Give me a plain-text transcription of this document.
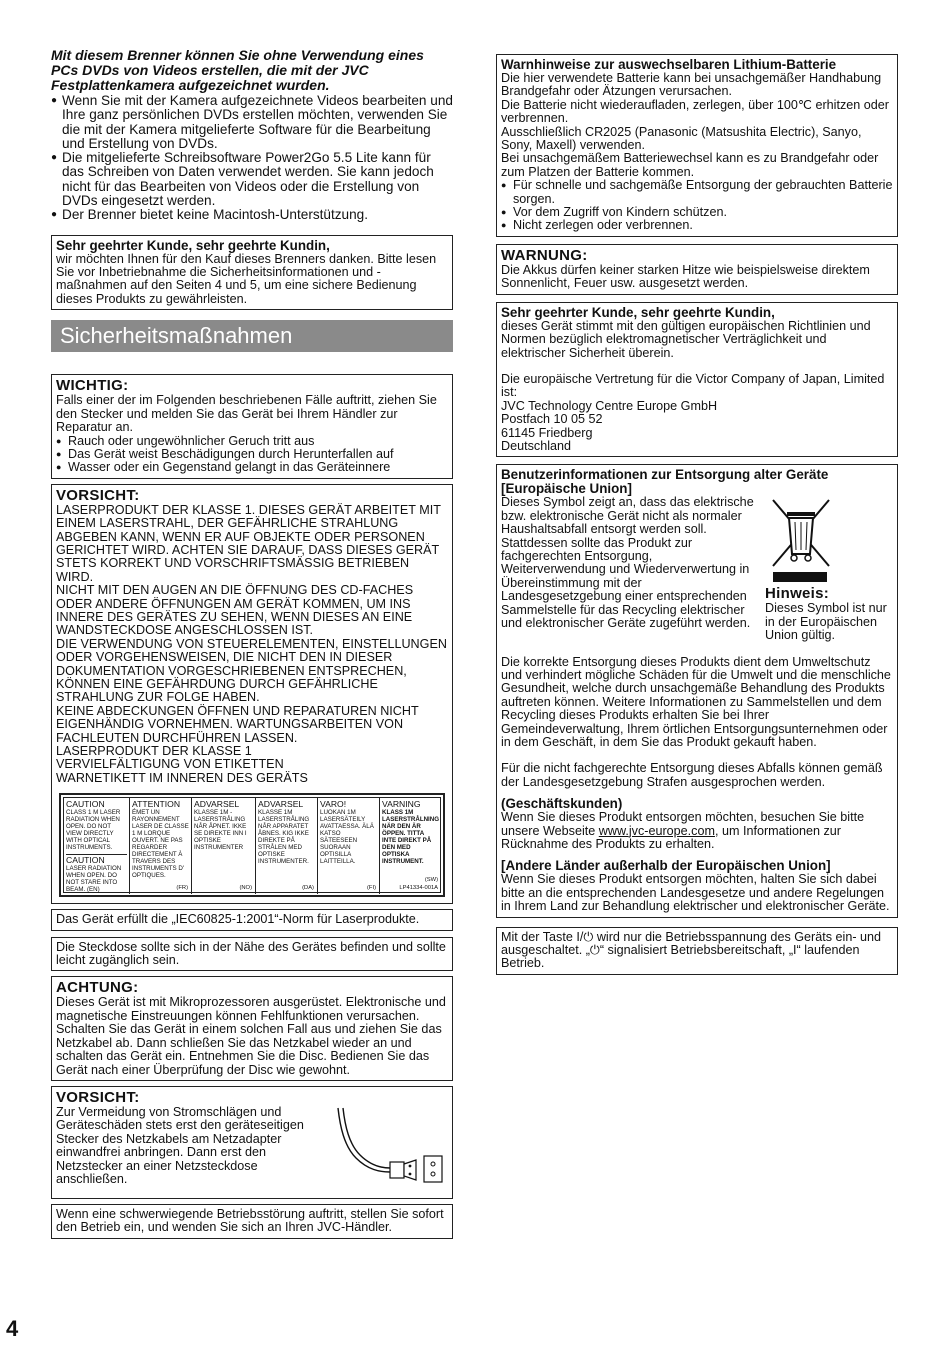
Mit diesem Brenner können Sie ohne Verwendung eines PCs DVDs von Videos erstellen, die mit der JVC Festplattenkamera aufgezeichnet wurden.
● Wenn Sie mit der Kamera aufgezeichnete Videos bearbeiten und Ihre ganz persönlichen DVDs erstellen möchten, verwenden Sie die mit der Kamera mitgelieferte Software für die Bearbeitung und Erstellung von DVDs.
● Die mitgelieferte Schreibsoftware Power2Go 5.5 Lite kann für das Schreiben von Daten verwendet werden. Sie kann jedoch nicht für das Bearbeiten von Videos oder die Erstellung von DVDs eingesetzt werden.
● Der Brenner bietet keine Macintosh-Unterstützung.
Sehr geehrter Kunde, sehr geehrte Kundin,
wir möchten Ihnen für den Kauf dieses Brenners danken. Bitte lesen Sie vor Inbetriebnahme die Sicherheitsinformationen und -maßnahmen auf den Seiten 4 und 5, um eine sichere Bedienung dieses Produkts zu gewährleisten.
Sicherheitsmaßnahmen
WICHTIG:
Falls einer der im Folgenden beschriebenen Fälle auftritt, ziehen Sie den Stecker und melden Sie das Gerät bei Ihrem Händler zur Reparatur an.
● Rauch oder ungewöhnlicher Geruch tritt aus
● Das Gerät weist Beschädigungen durch Herunterfallen auf
● Wasser oder ein Gegenstand gelangt in das Geräteinnere
VORSICHT:
LASERPRODUKT DER KLASSE 1. DIESES GERÄT ARBEITET MIT EINEM LASERSTRAHL, DER GEFÄHRLICHE STRAHLUNG ABGEBEN KANN, WENN ER AUF OBJEKTE ODER PERSONEN GERICHTET WIRD. ACHTEN SIE DARAUF, DASS DIESES GERÄT STETS KORREKT UND VORSCHRIFTSMÄSSIG BETRIEBEN WIRD.
NICHT MIT DEN AUGEN AN DIE ÖFFNUNG DES CD-FACHES ODER ANDERE ÖFFNUNGEN AM GERÄT KOMMEN, UM INS INNERE DES GERÄTES ZU SEHEN, WENN DIESES AN EINE WANDSTECKDOSE ANGESCHLOSSEN IST.
DIE VERWENDUNG VON STEUERELEMENTEN, EINSTELLUNGEN ODER VORGEHENSWEISEN, DIE NICHT DEN IN DIESER DOKUMENTATION VORGESCHRIEBENEN ENTSPRECHEN, KÖNNEN EINE GEFÄHRDUNG DURCH GEFÄHRLICHE STRAHLUNG ZUR FOLGE HABEN.
KEINE ABDECKUNGEN ÖFFNEN UND REPARATUREN NICHT EIGENHÄNDIG VORNEHMEN. WARTUNGSARBEITEN VON FACHLEUTEN DURCHFÜHREN LASSEN.
LASERPRODUKT DER KLASSE 1
VERVIELFÄLTIGUNG VON ETIKETTEN
WARNETIKETT IM INNEREN DES GERÄTS
CAUTION
CLASS 1 M LASER RADIATION WHEN OPEN. DO NOT VIEW DIRECTLY WITH OPTICAL INSTRUMENTS.
CAUTION
LASER RADIATION WHEN OPEN. DO NOT STARE INTO BEAM. (EN)
ATTENTION
ÉMET UN RAYONNEMENT LASER DE CLASSE 1 M LORQUE OUVERT. NE PAS REGARDER DIRECTEMENT À TRAVERS DES INSTRUMENTS D' OPTIQUES.
(FR)
ADVARSEL
KLASSE 1M - LASERSTRÅLING NÅR ÅPNET. IKKE SE DIREKTE INN I OPTISKE INSTRUMENTER
(NO)
ADVARSEL
KLASSE 1M LASERSTRÅLING NÅR APPARATET ÅBNES. KIG IKKE DIREKTE PÅ STRÅLEN MED OPTISKE INSTRUMENTER.
(DA)
VARO!
LUOKAN 1M LASERSÄTEILY AVATTAESSA. ÄLÄ KATSO SÄTEESEEN SUORAAN OPTISILLA LAITTEILLA.
(FI)
VARNING
KLASS 1M LASERSTRÅLNING NÄR DEN ÄR ÖPPEN. TITTA INTE DIREKT PÅ DEN MED OPTISKA INSTRUMENT.
(SW)
LP41334-001A
Das Gerät erfüllt die „IEC60825-1:2001“-Norm für Laserprodukte.
Die Steckdose sollte sich in der Nähe des Gerätes befinden und sollte leicht zugänglich sein.
ACHTUNG:
Dieses Gerät ist mit Mikroprozessoren ausgerüstet. Elektronische und magnetische Einstreuungen können Fehlfunktionen verursachen. Schalten Sie das Gerät in einem solchen Fall aus und ziehen Sie das Netzkabel ab. Dann schließen Sie das Netzkabel wieder an und schalten das Gerät ein. Entnehmen Sie die Disc. Bedienen Sie das Gerät nach einer Überprüfung der Disc wie gewohnt.
VORSICHT:
Zur Vermeidung von Stromschlägen und Geräteschäden stets erst den geräteseitigen Stecker des Netzkabels am Netzadapter einwandfrei anbringen. Dann erst den Netzstecker an einer Netzsteckdose anschließen.
Wenn eine schwerwiegende Betriebsstörung auftritt, stellen Sie sofort den Betrieb ein, und wenden Sie sich an Ihren JVC-Händler.
Warnhinweise zur auswechselbaren Lithium-Batterie
Die hier verwendete Batterie kann bei unsachgemäßer Handhabung Brandgefahr oder Ätzungen verursachen.
Die Batterie nicht wiederaufladen, zerlegen, über 100℃ erhitzen oder verbrennen.
Ausschließlich CR2025 (Panasonic (Matsushita Electric), Sanyo, Sony, Maxell) verwenden.
Bei unsachgemäßem Batteriewechsel kann es zu Brandgefahr oder zum Platzen der Batterie kommen.
● Für schnelle und sachgemäße Entsorgung der gebrauchten Batterie sorgen.
● Vor dem Zugriff von Kindern schützen.
● Nicht zerlegen oder verbrennen.
WARNUNG:
Die Akkus dürfen keiner starken Hitze wie beispielsweise direktem Sonnenlicht, Feuer usw. ausgesetzt werden.
Sehr geehrter Kunde, sehr geehrte Kundin,
dieses Gerät stimmt mit den gültigen europäischen Richtlinien und Normen bezüglich elektromagnetischer Verträglichkeit und elektrischer Sicherheit überein.
Die europäische Vertretung für die Victor Company of Japan, Limited ist:
JVC Technology Centre Europe GmbH
Postfach 10 05 52
61145 Friedberg
Deutschland
Benutzerinformationen zur Entsorgung alter Geräte
[Europäische Union]
Hinweis:
Dieses Symbol ist nur in der Europäischen Union gültig.
Dieses Symbol zeigt an, dass das elektrische bzw. elektronische Gerät nicht als normaler Haushaltsabfall entsorgt werden soll. Stattdessen sollte das Produkt zur fachgerechten Entsorgung, Weiterverwendung und Wiederverwertung in Übereinstimmung mit der Landesgesetzgebung einer entsprechenden Sammelstelle für das Recycling elektrischer und elektronischer Geräte zugeführt werden.
Die korrekte Entsorgung dieses Produkts dient dem Umweltschutz und verhindert mögliche Schäden für die Umwelt und die menschliche Gesundheit, welche durch unsachgemäße Behandlung des Produkts auftreten können. Weitere Informationen zu Sammelstellen und dem Recycling dieses Produkts erhalten Sie bei Ihrer Gemeindeverwaltung, Ihrem örtlichen Entsorgungsunternehmen oder in dem Geschäft, in dem Sie das Produkt gekauft haben.
Für die nicht fachgerechte Entsorgung dieses Abfalls können gemäß der Landesgesetzgebung Strafen ausgesprochen werden.
(Geschäftskunden)
Wenn Sie dieses Produkt entsorgen möchten, besuchen Sie bitte unsere Webseite www.jvc-europe.com, um Informationen zur Rücknahme des Produkts zu erhalten.
[Andere Länder außerhalb der Europäischen Union]
Wenn Sie dieses Produkt entsorgen möchten, halten Sie sich dabei bitte an die entsprechenden Landesgesetze und andere Regelungen in Ihrem Land zur Behandlung elektrischer und elektronischer Geräte.
Mit der Taste I/⏻ wird nur die Betriebsspannung des Geräts ein- und ausgeschaltet. „⏻“ signalisiert Betriebsbereitschaft, „I“ laufenden Betrieb.
4
